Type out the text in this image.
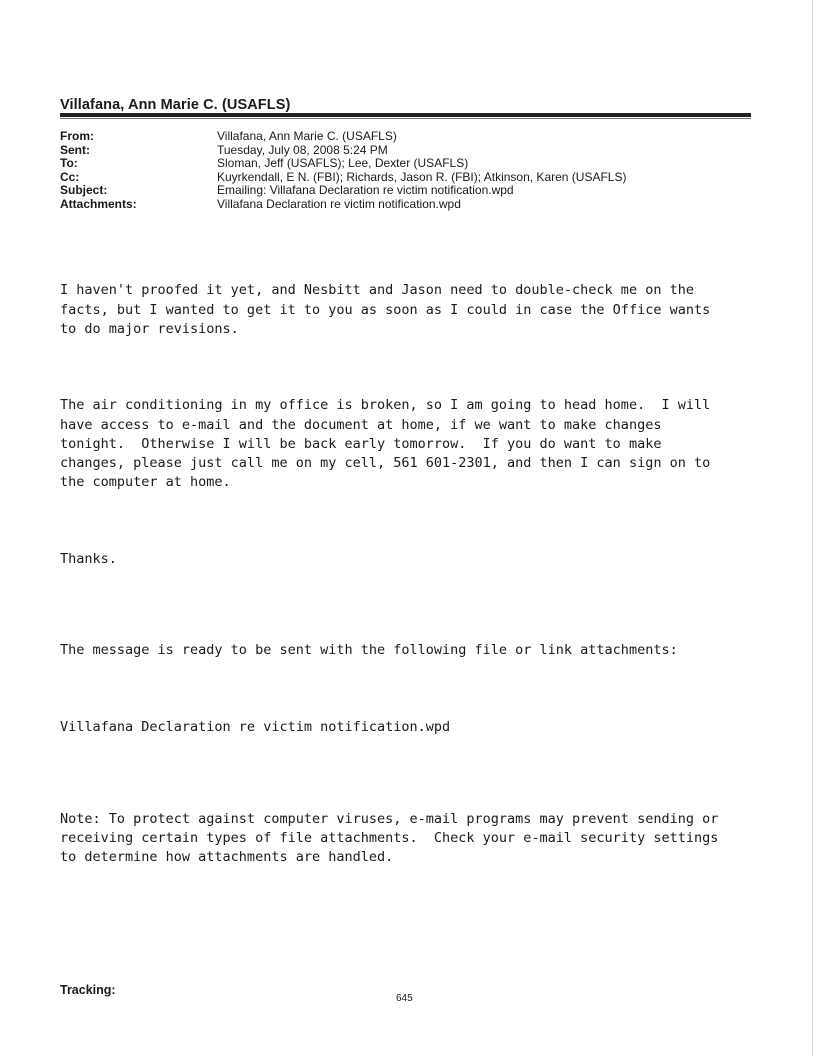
Villafana, Ann Marie C. (USAFLS)
From:	Villafana, Ann Marie C. (USAFLS)
Sent:	Tuesday, July 08, 2008 5:24 PM
To:	Sloman, Jeff (USAFLS); Lee, Dexter (USAFLS)
Cc:	Kuyrkendall, E N. (FBI); Richards, Jason R. (FBI); Atkinson, Karen (USAFLS)
Subject:	Emailing: Villafana Declaration re victim notification.wpd
Attachments:	Villafana Declaration re victim notification.wpd

I haven't proofed it yet, and Nesbitt and Jason need to double-check me on the
facts, but I wanted to get it to you as soon as I could in case the Office wants
to do major revisions.

The air conditioning in my office is broken, so I am going to head home.  I will
have access to e-mail and the document at home, if we want to make changes
tonight.  Otherwise I will be back early tomorrow.  If you do want to make
changes, please just call me on my cell, 561 601-2301, and then I can sign on to
the computer at home.

Thanks.

The message is ready to be sent with the following file or link attachments:

Villafana Declaration re victim notification.wpd

Note: To protect against computer viruses, e-mail programs may prevent sending or
receiving certain types of file attachments.  Check your e-mail security settings
to determine how attachments are handled.

Tracking:

645
